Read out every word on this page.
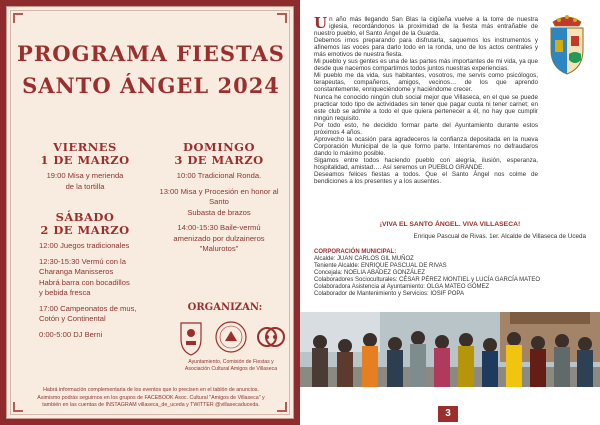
PROGRAMA FIESTAS
SANTO ÁNGEL 2024
VIERNES
1 DE MARZO
19:00 Misa y merienda
de la tortilla
DOMINGO
3 DE MARZO
10:00 Tradicional Ronda.
13:00 Misa y Procesión en honor al Santo
Subasta de brazos
14:00-15:30 Baile-vermú
amenizado por dulzaineros
"Malurotos"
SÁBADO
2 DE MARZO
12:00 Juegos tradicionales
12:30-15:30 Vermú con la
Charanga Manisseros
Habrá barra con bocadillos
y bebida fresca
17:00 Campeonatos de mus,
Cotón y Continental
0:00-5:00 DJ Berni
ORGANIZAN:
Ayuntamiento, Comisión de Fiestas y
Asociación Cultural Amigos de Villaseca
Habrá información complementaria de los eventos que lo precisen en el tablón de anuncios.
Asimismo podrás seguirnos en los grupos de FACEBOOK Asoc. Cultural "Amigos de Villaseca" y
también en las cuentas de INSTAGRAM villaseca_de_uceda y TWITTER @villasecaduceda.

Un año más llegando San Blas la cigüeña vuelve a la torre de nuestra iglesia, recordándonos la proximidad de la fiesta más entrañable de nuestro pueblo, el Santo Ángel de la Guarda.

Debemos irnos preparando para disfrutarla, saquemos los instrumentos y afinemos las voces para darlo todo en la ronda, uno de los actos centrales y más emotivos de nuestra fiesta.

Mi pueblo y sus gentes es una de las partes más importantes de mi vida, ya que desde que nacemos compartimos todos juntos nuestras experiencias.

Mi pueblo me da vida, sus habitantes, vosotros, me servís como psicólogos, terapeutas, compañeros, amigos, vecinos… de los que aprendo constantemente, enriqueciéndome y haciéndome crecer.

Nunca he conocido ningún club social mejor que Villaseca, en el que se puede practicar todo tipo de actividades sin tener que pagar cuota ni tener carnet; en este club se admite a todo el que quiera pertenecer a él, no hay que cumplir ningún requisito.

Por todo esto, he decidido formar parte del Ayuntamiento durante estos próximos 4 años.

Aprovecho la ocasión para agradeceros la confianza depositada en la nueva Corporación Municipal de la que formo parte. Intentaremos no defraudaros dando lo máximo posible.

Sigamos entre todos haciendo pueblo con alegría, ilusión, esperanza, hospitalidad, amistad…. Así seremos un PUEBLO GRANDE.

Deseamos felices fiestas a todos. Que el Santo Ángel nos colme de bendiciones a los presentes y a los ausentes.

¡VIVA EL SANTO ÁNGEL. VIVA VILLASECA!
Enrique Pascual de Rivas. 1er. Alcalde de Villaseca de Uceda
CORPORACIÓN MUNICIPAL:
Alcalde: JUAN CARLOS GIL MUÑOZ
Teniente Alcalde: ENRIQUE PASCUAL DE RIVAS
Concejala: NOELIA ABADEZ GONZÁLEZ
Colaboradores Socioculturales: CÉSAR PÉREZ MONTIEL y LUCÍA GARCÍA MATEO
Colaboradora Asistencia al Ayuntamiento: OLGA MATEO GÓMEZ
Colaborador de Mantenimiento y Servicios: IOSIF POPA
3
